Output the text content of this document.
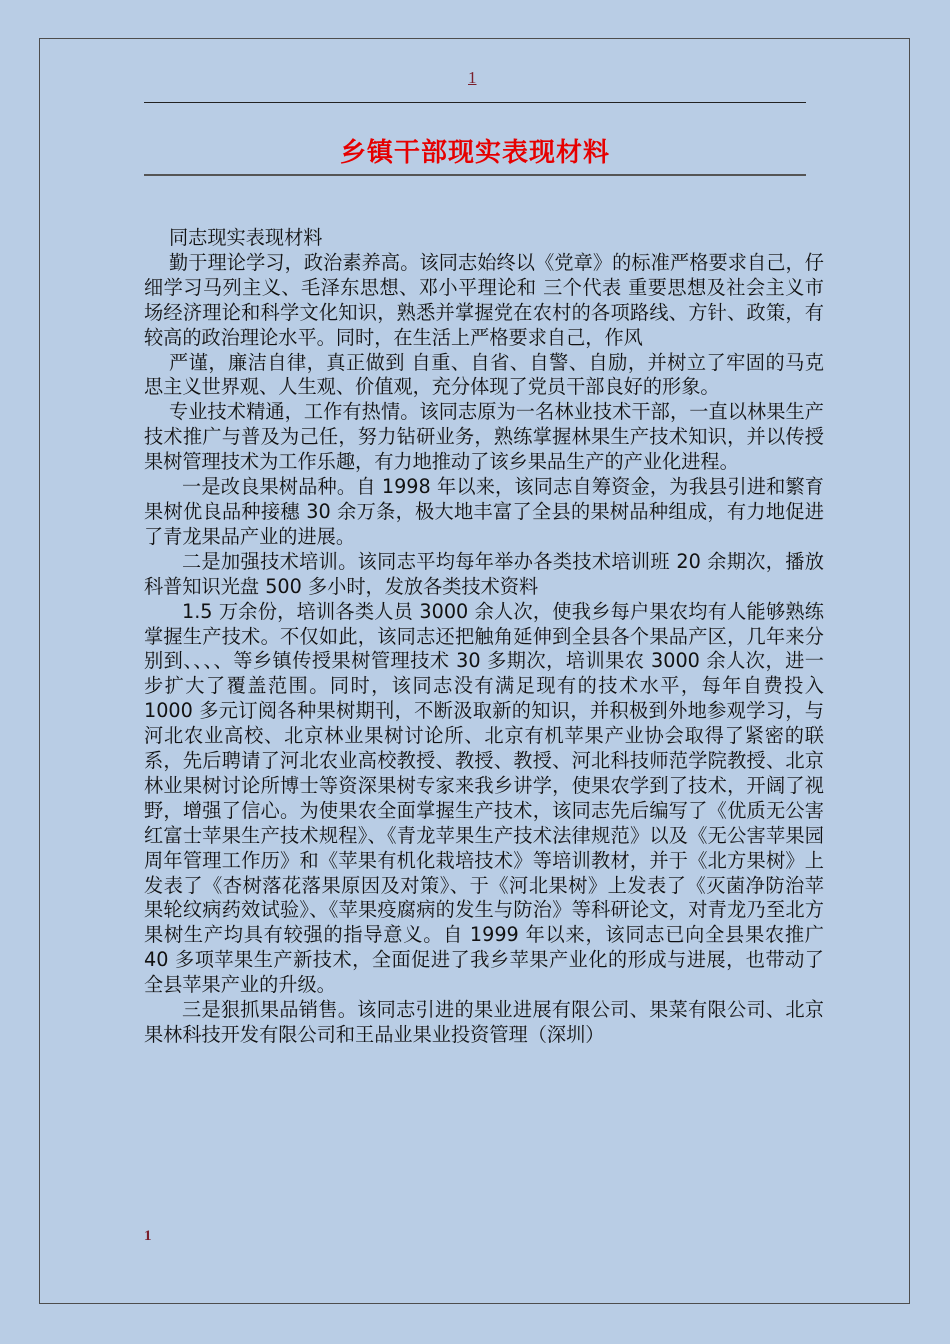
1
乡镇干部现实表现材料

同志现实表现材料

勤于理论学习，政治素养高。该同志始终以《党章》的标准严格要求自己，仔细学习马列主义、毛泽东思想、邓小平理论和 三个代表 重要思想及社会主义市场经济理论和科学文化知识，熟悉并掌握党在农村的各项路线、方针、政策，有较高的政治理论水平。同时，在生活上严格要求自己，作风

严谨，廉洁自律，真正做到 自重、自省、自警、自励，并树立了牢固的马克思主义世界观、人生观、价值观，充分体现了党员干部良好的形象。

专业技术精通，工作有热情。该同志原为一名林业技术干部，一直以林果生产技术推广与普及为己任，努力钻研业务，熟练掌握林果生产技术知识，并以传授果树管理技术为工作乐趣，有力地推动了该乡果品生产的产业化进程。

一是改良果树品种。自 1998 年以来，该同志自筹资金，为我县引进和繁育果树优良品种接穗 30 余万条，极大地丰富了全县的果树品种组成，有力地促进了青龙果品产业的进展。

二是加强技术培训。该同志平均每年举办各类技术培训班 20 余期次，播放科普知识光盘 500 多小时，发放各类技术资料

1.5 万余份，培训各类人员 3000 余人次，使我乡每户果农均有人能够熟练掌握生产技术。不仅如此，该同志还把触角延伸到全县各个果品产区，几年来分别到、、、、等乡镇传授果树管理技术 30 多期次，培训果农 3000 余人次，进一步扩大了覆盖范围。同时，该同志没有满足现有的技术水平，每年自费投入 1000 多元订阅各种果树期刊，不断汲取新的知识，并积极到外地参观学习，与河北农业高校、北京林业果树讨论所、北京有机苹果产业协会取得了紧密的联系，先后聘请了河北农业高校教授、教授、教授、河北科技师范学院教授、北京林业果树讨论所博士等资深果树专家来我乡讲学，使果农学到了技术，开阔了视野，增强了信心。为使果农全面掌握生产技术，该同志先后编写了《优质无公害红富士苹果生产技术规程》、《青龙苹果生产技术法律规范》以及《无公害苹果园周年管理工作历》和《苹果有机化栽培技术》等培训教材，并于《北方果树》上发表了《杏树落花落果原因及对策》、于《河北果树》上发表了《灭菌净防治苹果轮纹病药效试验》、《苹果疫腐病的发生与防治》等科研论文，对青龙乃至北方果树生产均具有较强的指导意义。自 1999 年以来，该同志已向全县果农推广 40 多项苹果生产新技术，全面促进了我乡苹果产业化的形成与进展，也带动了全县苹果产业的升级。

三是狠抓果品销售。该同志引进的果业进展有限公司、果菜有限公司、北京果林科技开发有限公司和王品业果业投资管理（深圳）

1
